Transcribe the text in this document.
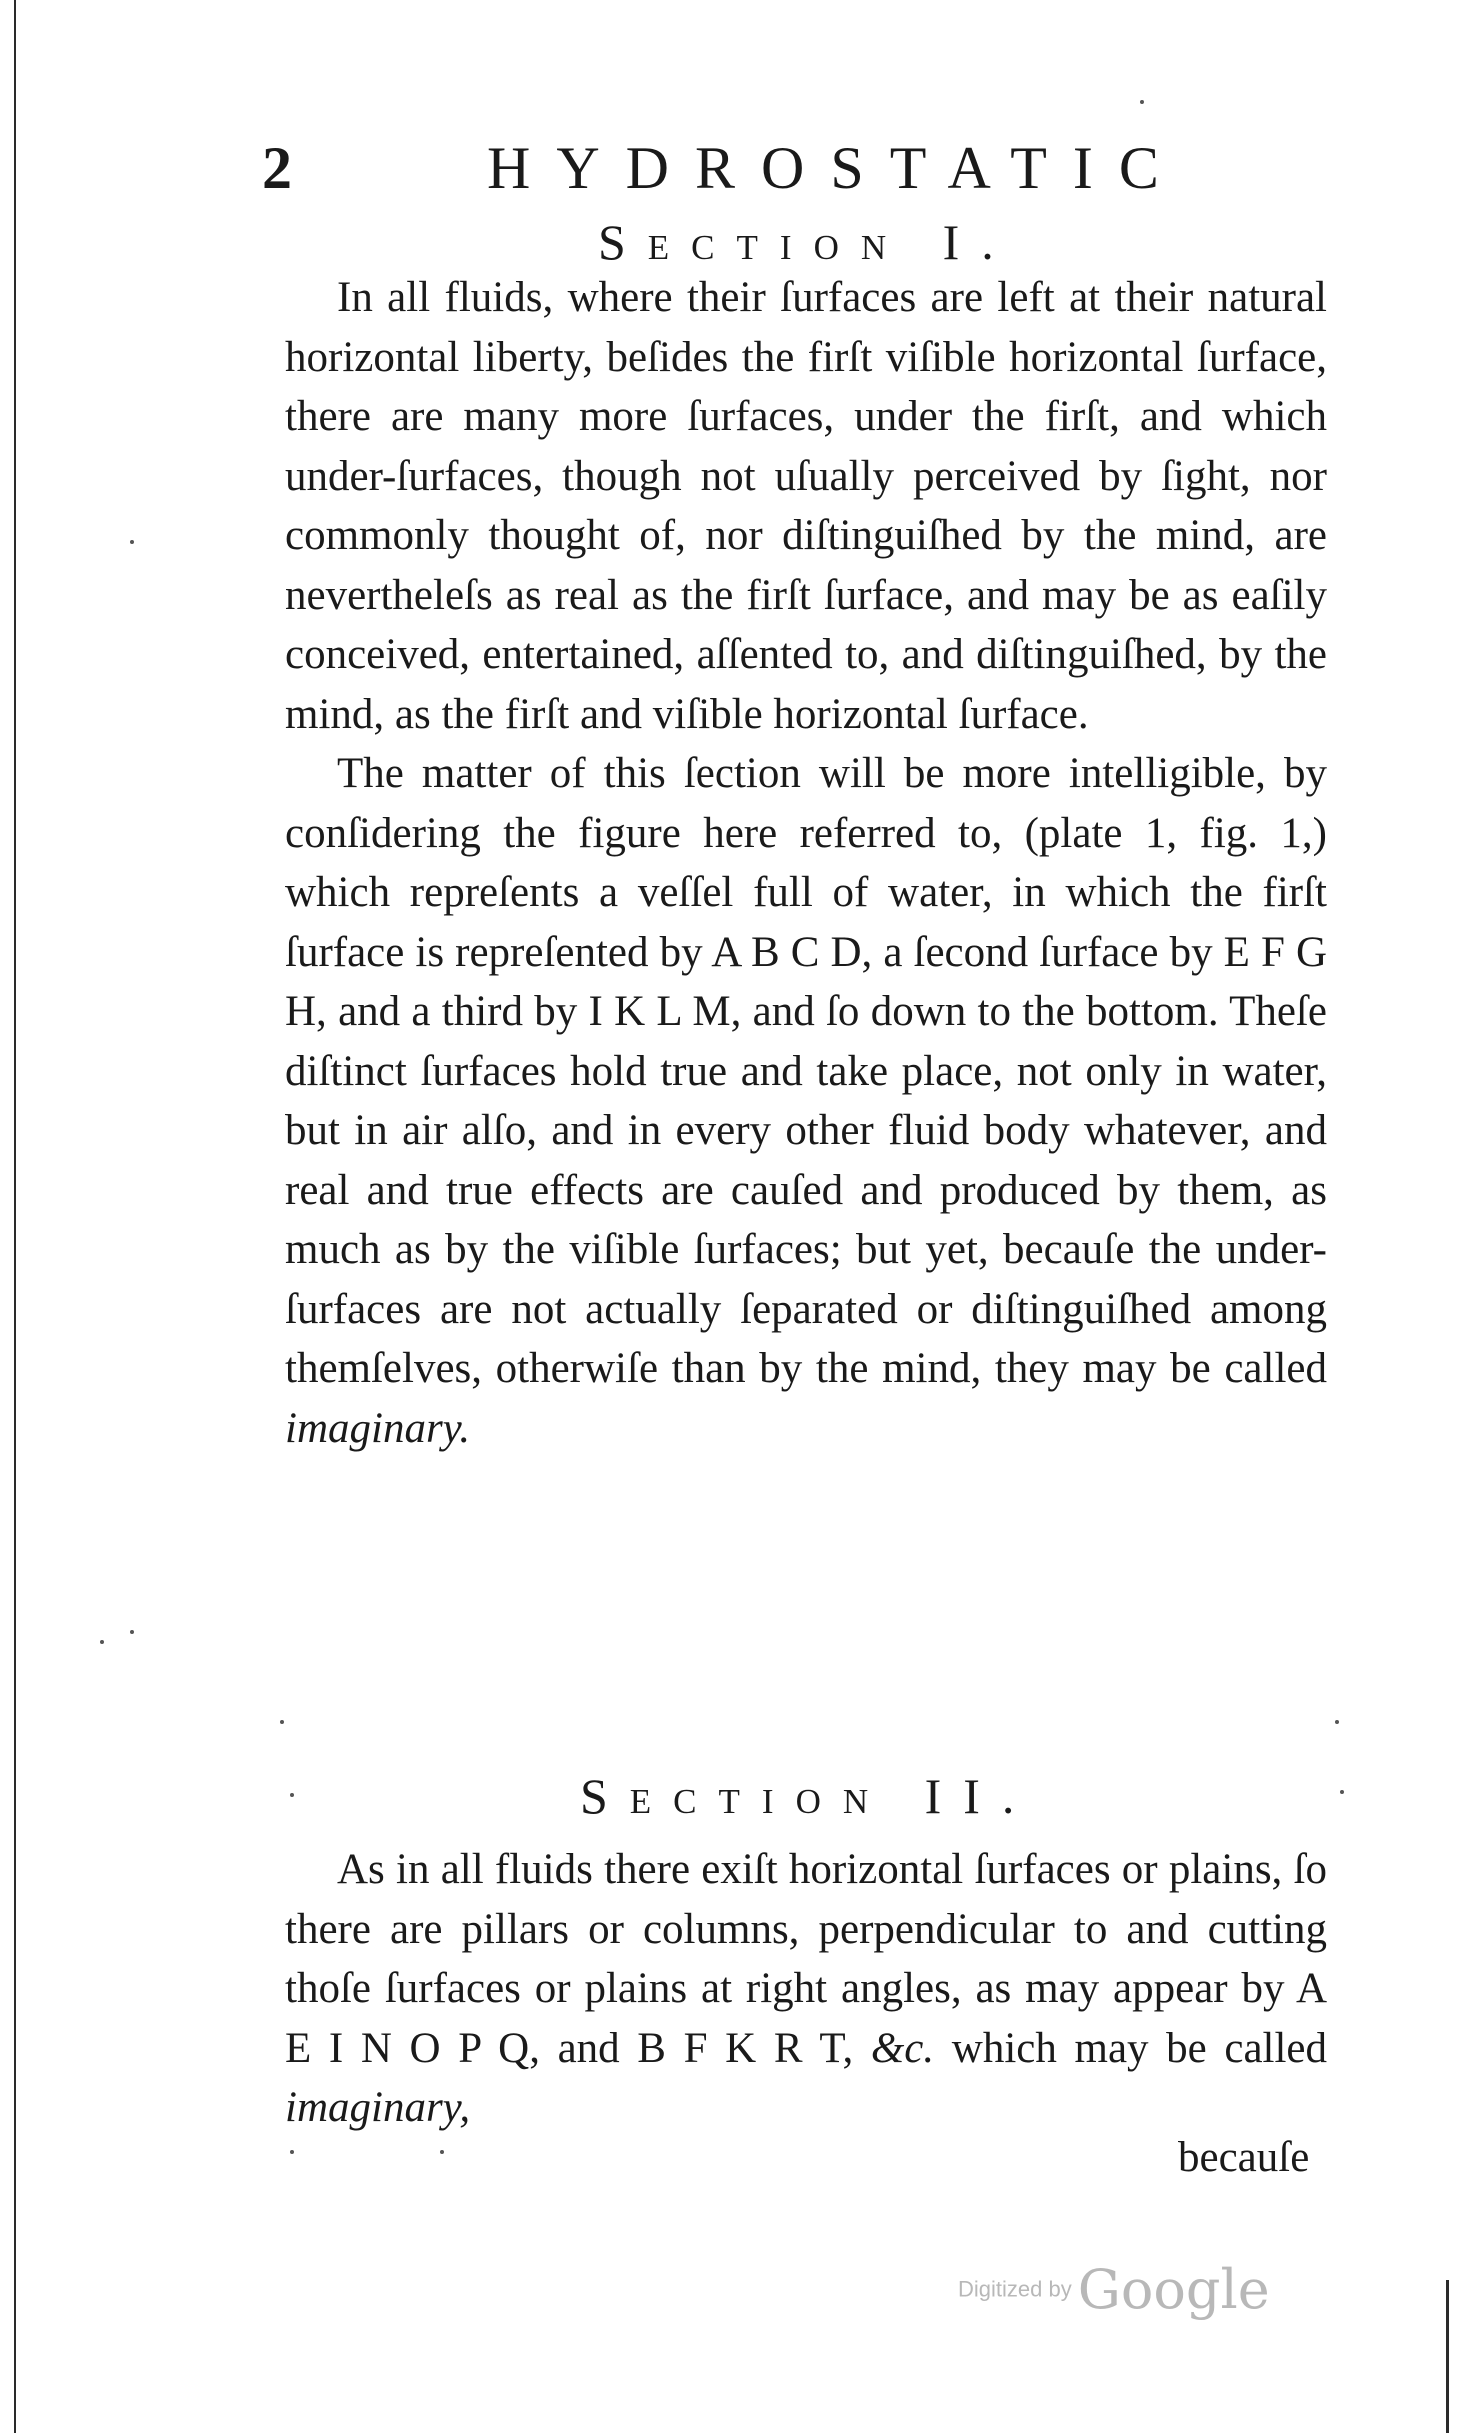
2	HYDROSTATIC
Section I.

In all fluids, where their ſurfaces are left at their natural horizontal liberty, beſides the firſt viſible horizontal ſurface, there are many more ſurfaces, under the firſt, and which under-ſurfaces, though not uſually perceived by ſight, nor commonly thought of, nor diſtinguiſhed by the mind, are nevertheleſs as real as the firſt ſurface, and may be as eaſily conceived, entertained, aſſented to, and diſtinguiſhed, by the mind, as the firſt and viſible horizontal ſurface.

The matter of this ſection will be more intelligible, by conſidering the figure here referred to, (plate 1, fig. 1,) which repreſents a veſſel full of water, in which the firſt ſurface is repreſented by A B C D, a ſecond ſurface by E F G H, and a third by I K L M, and ſo down to the bottom. Theſe diſtinct ſurfaces hold true and take place, not only in water, but in air alſo, and in every other fluid body whatever, and real and true effects are cauſed and produced by them, as much as by the viſible ſurfaces; but yet, becauſe the under-ſurfaces are not actually ſeparated or diſtinguiſhed among themſelves, otherwiſe than by the mind, they may be called imaginary.

Section II.

As in all fluids there exiſt horizontal ſurfaces or plains, ſo there are pillars or columns, perpendicular to and cutting thoſe ſurfaces or plains at right angles, as may appear by A E I N O P Q, and B F K R T, &c. which may be called imaginary,

becauſe
Digitized by Google
